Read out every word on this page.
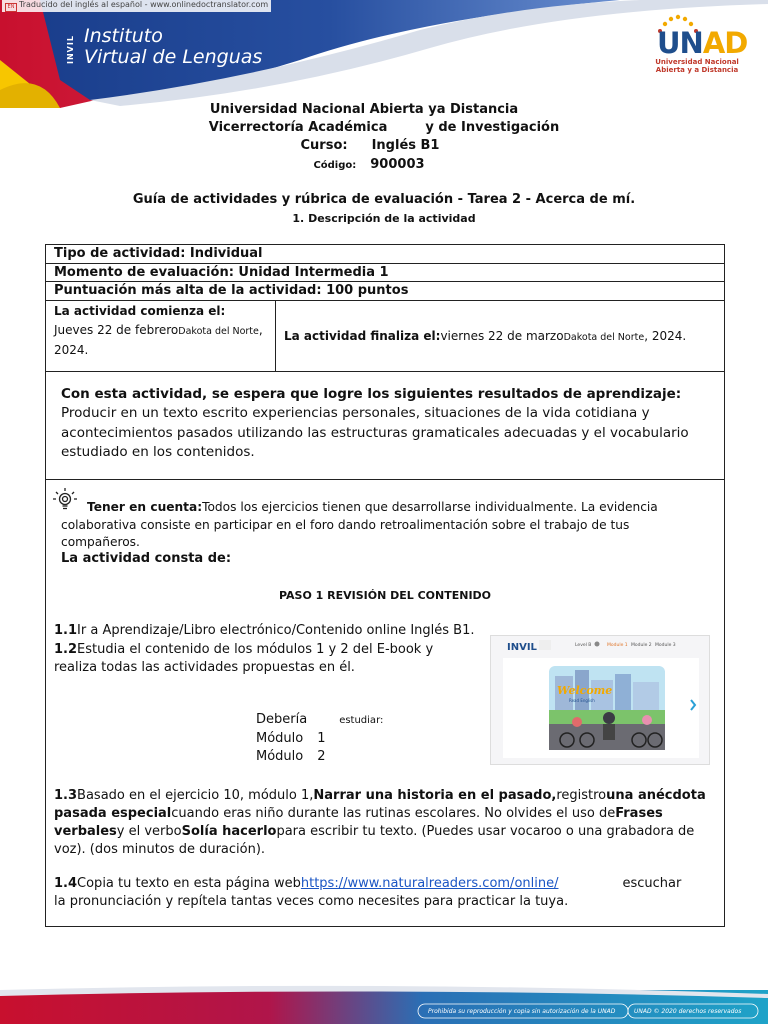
EN Traducido del inglés al español - www.onlinedoctranslator.com
INVIL Instituto
Virtual de Lenguas	UNAD
Universidad Nacional
Abierta y a Distancia
Universidad Nacional Abierta ya Distancia
Vicerrectoría Académica	y de Investigación
Curso: Inglés B1
Código: 900003
Guía de actividades y rúbrica de evaluación - Tarea 2 - Acerca de mí.
1. Descripción de la actividad
Tipo de actividad: Individual
Momento de evaluación: Unidad Intermedia 1
Puntuación más alta de la actividad: 100 puntos
La actividad comienza el:
Jueves 22 de febreroDakota del Norte, 2024.
La actividad finaliza el:viernes 22 de marzoDakota del Norte, 2024.
Con esta actividad, se espera que logre los siguientes resultados de aprendizaje:
Producir en un texto escrito experiencias personales, situaciones de la vida cotidiana y acontecimientos pasados utilizando las estructuras gramaticales adecuadas y el vocabulario estudiado en los contenidos.
Tener en cuenta:Todos los ejercicios tienen que desarrollarse individualmente. La evidencia colaborativa consiste en participar en el foro dando retroalimentación sobre el trabajo de tus compañeros.
La actividad consta de:
PASO 1 REVISIÓN DEL CONTENIDO
1.1Ir a Aprendizaje/Libro electrónico/Contenido online Inglés B1.
1.2Estudia el contenido de los módulos 1 y 2 del E-book y realiza todas las actividades propuestas en él.
INVIL	Level B	Module 1 Module 2 Module 3
Welcome
Read English
Debería	estudiar:
Módulo 1
Módulo 2
1.3Basado en el ejercicio 10, módulo 1,Narrar una historia en el pasado,registrouna anécdota pasada especialcuando eras niño durante las rutinas escolares. No olvides el uso deFrases verbalesy el verboSolía hacerlopara escribir tu texto. (Puedes usar vocaroo o una grabadora de voz). (dos minutos de duración).
1.4Copia tu texto en esta página webhttps://www.naturalreaders.com/online/	escuchar
la pronunciación y repítela tantas veces como necesites para practicar la tuya.
Prohibida su reproducción y copia sin autorización de la UNAD	UNAD © 2020 derechos reservados
